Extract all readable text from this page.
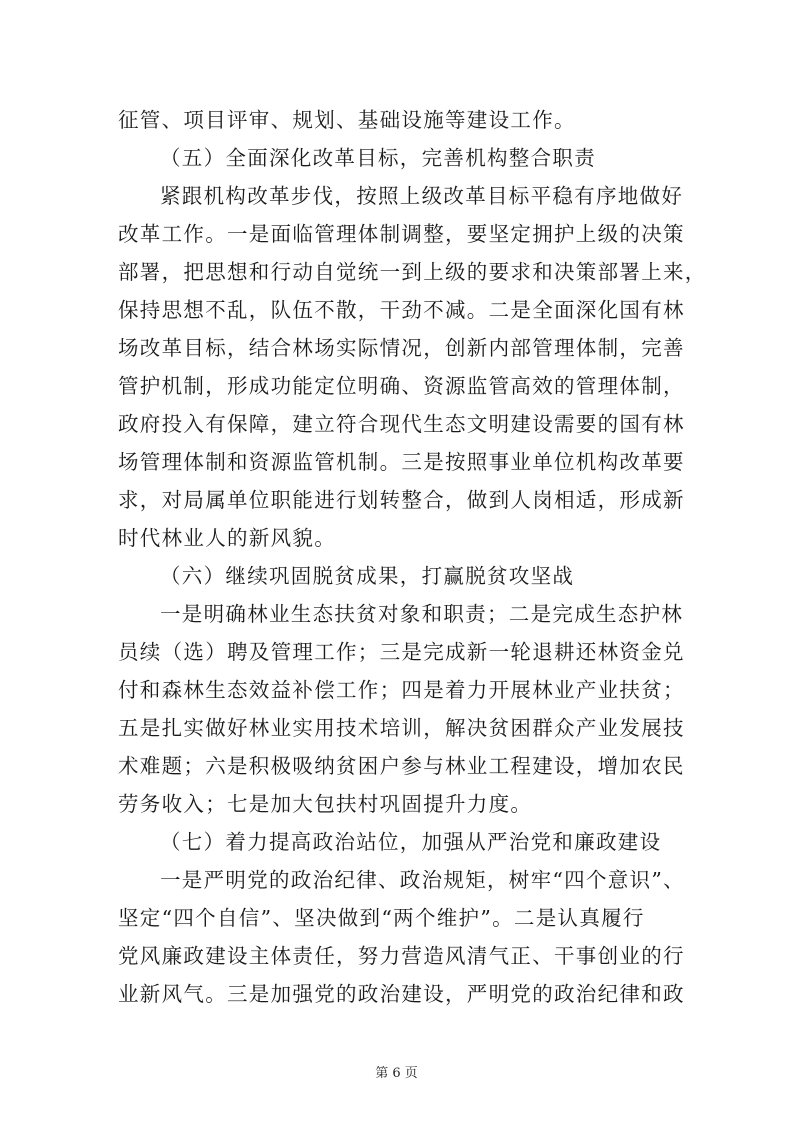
征管、项目评审、规划、基础设施等建设工作。
（五）全面深化改革目标，完善机构整合职责
紧跟机构改革步伐，按照上级改革目标平稳有序地做好
改革工作。一是面临管理体制调整，要坚定拥护上级的决策
部署，把思想和行动自觉统一到上级的要求和决策部署上来，
保持思想不乱，队伍不散，干劲不减。二是全面深化国有林
场改革目标，结合林场实际情况，创新内部管理体制，完善
管护机制，形成功能定位明确、资源监管高效的管理体制，
政府投入有保障，建立符合现代生态文明建设需要的国有林
场管理体制和资源监管机制。三是按照事业单位机构改革要
求，对局属单位职能进行划转整合，做到人岗相适，形成新
时代林业人的新风貌。
（六）继续巩固脱贫成果，打赢脱贫攻坚战
一是明确林业生态扶贫对象和职责；二是完成生态护林
员续（选）聘及管理工作；三是完成新一轮退耕还林资金兑
付和森林生态效益补偿工作；四是着力开展林业产业扶贫；
五是扎实做好林业实用技术培训，解决贫困群众产业发展技
术难题；六是积极吸纳贫困户参与林业工程建设，增加农民
劳务收入；七是加大包扶村巩固提升力度。
（七）着力提高政治站位，加强从严治党和廉政建设
一是严明党的政治纪律、政治规矩，树牢“四个意识”、
坚定“四个自信”、坚决做到“两个维护”。二是认真履行
党风廉政建设主体责任，努力营造风清气正、干事创业的行
业新风气。三是加强党的政治建设，严明党的政治纪律和政
第 6 页
